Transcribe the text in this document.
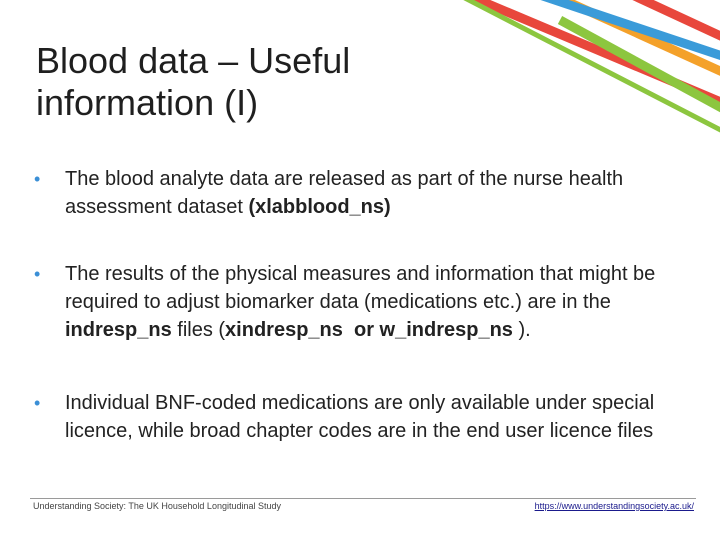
Blood data – Useful
information (I)
• The blood analyte data are released as part of the nurse health assessment dataset (xlabblood_ns)
• The results of the physical measures and information that might be required to adjust biomarker data (medications etc.) are in the indresp_ns files (xindresp_ns  or w_indresp_ns ).
• Individual BNF-coded medications are only available under special licence, while broad chapter codes are in the end user licence files
Understanding Society: The UK Household Longitudinal Study	https://www.understandingsociety.ac.uk/
